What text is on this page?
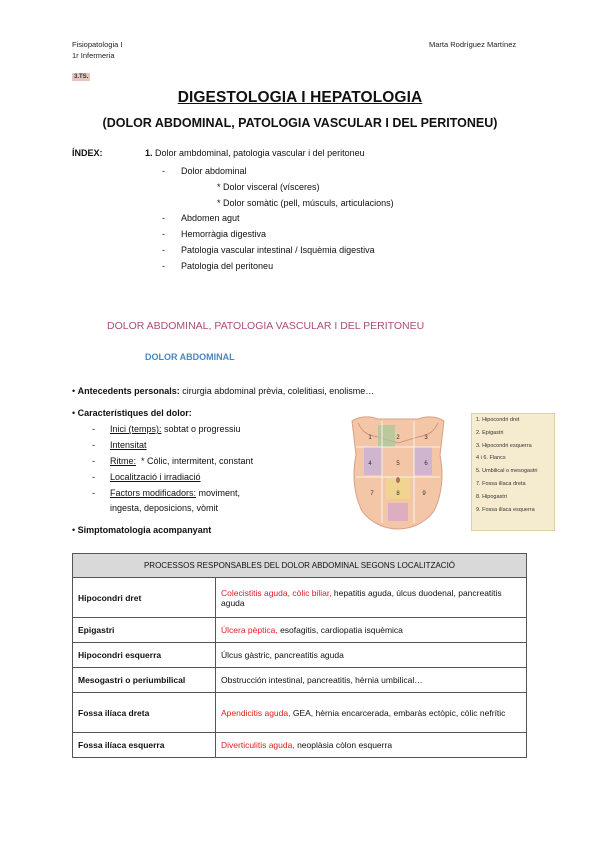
Fisiopatologia I
1r Infermeria
Marta Rodríguez Martínez
3.TS.
DIGESTOLOGIA I HEPATOLOGIA
(DOLOR ABDOMINAL, PATOLOGIA VASCULAR I DEL PERITONEU)
ÍNDEX:	1. Dolor ambdominal, patologia vascular i del peritoneu
- Dolor abdominal
* Dolor visceral (vísceres)
* Dolor somàtic (pell, músculs, articulacions)
- Abdomen agut
- Hemorràgia digestiva
- Patologia vascular intestinal / Isquèmia digestiva
- Patologia del peritoneu
DOLOR ABDOMINAL, PATOLOGIA VASCULAR I DEL PERITONEU
DOLOR ABDOMINAL
• Antecedents personals: cirurgia abdominal prèvia, colelitiasi, enolisme…
• Característiques del dolor:
- Inici (temps): sobtat o progressiu
- Intensitat
- Ritme:  * Còlic, intermitent, constant
- Localització i irradiació
- Factors modificadors: moviment,
ingesta, deposicions, vòmit
• Simptomatologia acompanyant
1	2	3
4	5	6
7	8	9
1. Hipocondri dret
2. Epigastri
3. Hipocondri esquerra
4 i 6. Flancs
5. Umbilical o mesogastri
7. Fossa ilíaca dreta
8. Hipogastri
9. Fossa ilíaca esquerra
PROCESSOS RESPONSABLES DEL DOLOR ABDOMINAL SEGONS LOCALITZACIÓ	
Hipocondri dret	Colecistitis aguda, còlic biliar, hepatitis aguda, úlcus duodenal, pancreatitis aguda
Epigastri	Úlcera pèptica, esofagitis, cardiopatia isquèmica
Hipocondri esquerra	Úlcus gàstric, pancreatitis aguda
Mesogastri o periumbilical	Obstrucción intestinal, pancreatitis, hèrnia umbilical…
Fossa ilíaca dreta	Apendicitis aguda, GEA, hèrnia encarcerada, embaràs ectòpic, còlic nefrític
Fossa ilíaca esquerra	Diverticulitis aguda, neoplàsia còlon esquerra
